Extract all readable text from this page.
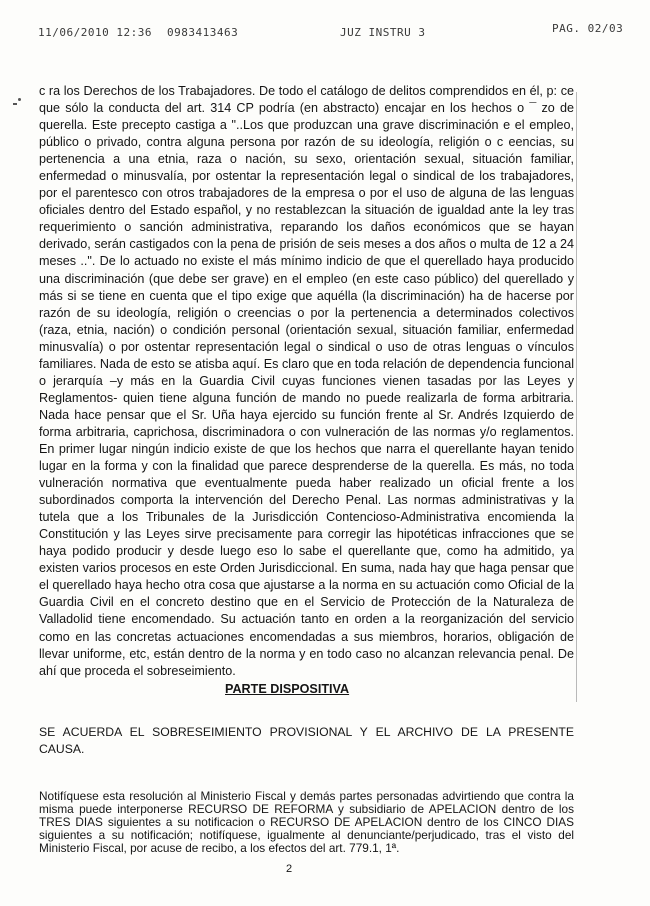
11/06/2010 12:36 0983413463	JUZ INSTRU 3	PAG. 02/03

c ra los Derechos de los Trabajadores. De todo el catálogo de delitos comprendidos en él, p: ce que sólo la conducta del art. 314 CP podría (en abstracto) encajar en los hechos o ¯ zo de querella. Este precepto castiga a "..Los que produzcan una grave discriminación e el empleo, público o privado, contra alguna persona por razón de su ideología, religión o c eencias, su pertenencia a una etnia, raza o nación, su sexo, orientación sexual, situación familiar, enfermedad o minusvalía, por ostentar la representación legal o sindical de los trabajadores, por el parentesco con otros trabajadores de la empresa o por el uso de alguna de las lenguas oficiales dentro del Estado español, y no restablezcan la situación de igualdad ante la ley tras requerimiento o sanción administrativa, reparando los daños económicos que se hayan derivado, serán castigados con la pena de prisión de seis meses a dos años o multa de 12 a 24 meses ..". De lo actuado no existe el más mínimo indicio de que el querellado haya producido una discriminación (que debe ser grave) en el empleo (en este caso público) del querellado y más si se tiene en cuenta que el tipo exige que aquélla (la discriminación) ha de hacerse por razón de su ideología, religión o creencias o por la pertenencia a determinados colectivos (raza, etnia, nación) o condición personal (orientación sexual, situación familiar, enfermedad minusvalía) o por ostentar representación legal o sindical o uso de otras lenguas o vínculos familiares. Nada de esto se atisba aquí. Es claro que en toda relación de dependencia funcional o jerarquía –y más en la Guardia Civil cuyas funciones vienen tasadas por las Leyes y Reglamentos- quien tiene alguna función de mando no puede realizarla de forma arbitraria. Nada hace pensar que el Sr. Uña haya ejercido su función frente al Sr. Andrés Izquierdo de forma arbitraria, caprichosa, discriminadora o con vulneración de las normas y/o reglamentos. En primer lugar ningún indicio existe de que los hechos que narra el querellante hayan tenido lugar en la forma y con la finalidad que parece desprenderse de la querella. Es más, no toda vulneración normativa que eventualmente pueda haber realizado un oficial frente a los subordinados comporta la intervención del Derecho Penal. Las normas administrativas y la tutela que a los Tribunales de la Jurisdicción Contencioso-Administrativa encomienda la Constitución y las Leyes sirve precisamente para corregir las hipotéticas infracciones que se haya podido producir y desde luego eso lo sabe el querellante que, como ha admitido, ya existen varios procesos en este Orden Jurisdiccional. En suma, nada hay que haga pensar que el querellado haya hecho otra cosa que ajustarse a la norma en su actuación como Oficial de la Guardia Civil en el concreto destino que en el Servicio de Protección de la Naturaleza de Valladolid tiene encomendado. Su actuación tanto en orden a la reorganización del servicio como en las concretas actuaciones encomendadas a sus miembros, horarios, obligación de llevar uniforme, etc, están dentro de la norma y en todo caso no alcanzan relevancia penal. De ahí que proceda el sobreseimiento.

PARTE DISPOSITIVA

SE ACUERDA EL SOBRESEIMIENTO PROVISIONAL Y EL ARCHIVO DE LA PRESENTE CAUSA.

Notifíquese esta resolución al Ministerio Fiscal y demás partes personadas advirtiendo que contra la misma puede interponerse RECURSO DE REFORMA y subsidiario de APELACION dentro de los TRES DIAS siguientes a su notificacion o RECURSO DE APELACION dentro de los CINCO DIAS siguientes a su notificación; notifíquese, igualmente al denunciante/perjudicado, tras el visto del Ministerio Fiscal, por acuse de recibo, a los efectos del art. 779.1, 1ª.

2
